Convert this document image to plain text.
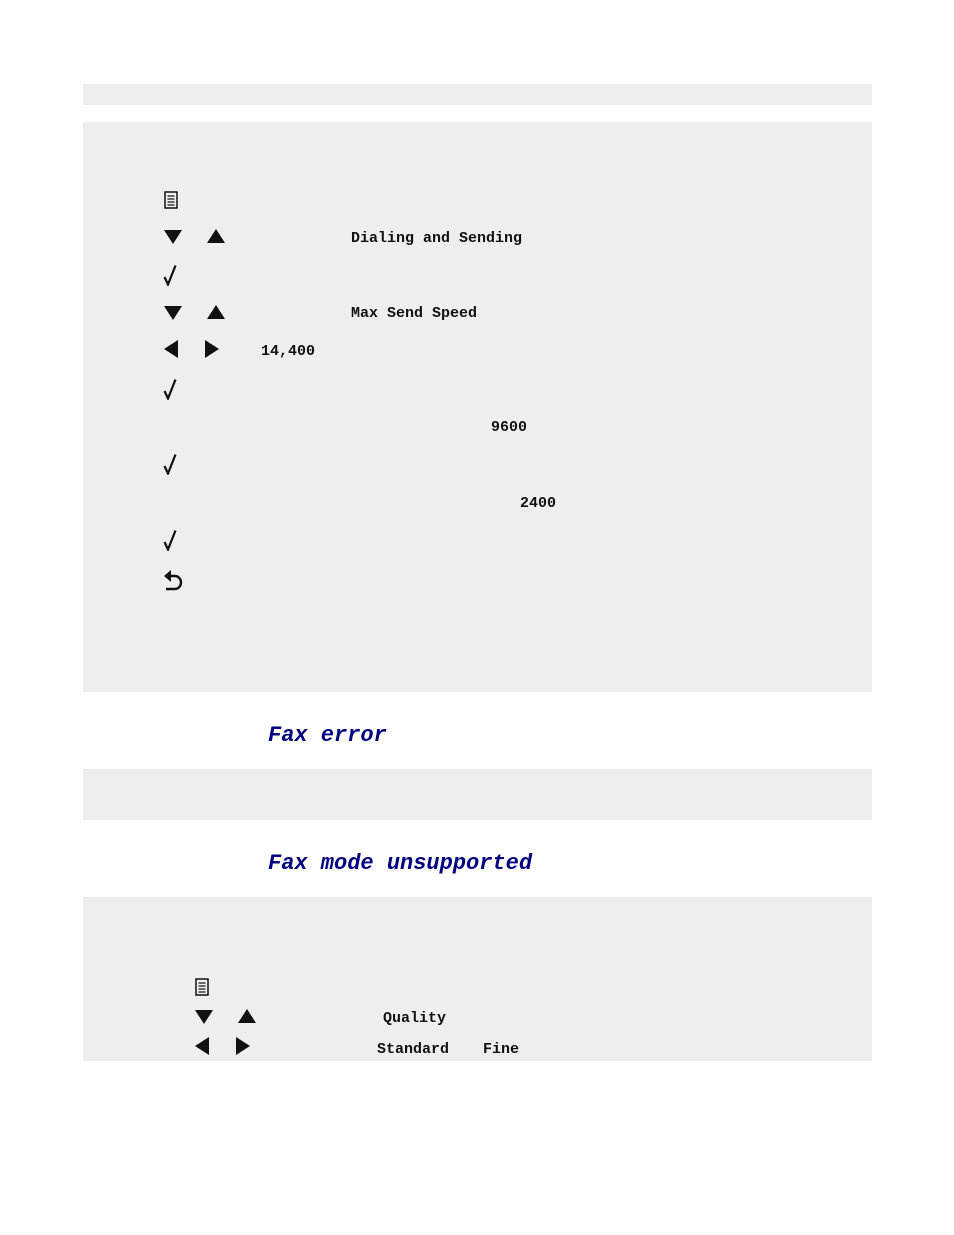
Dialing and Sending
Max Send Speed
14,400
9600
2400
Fax error
Fax mode unsupported
Quality
Standard Fine
